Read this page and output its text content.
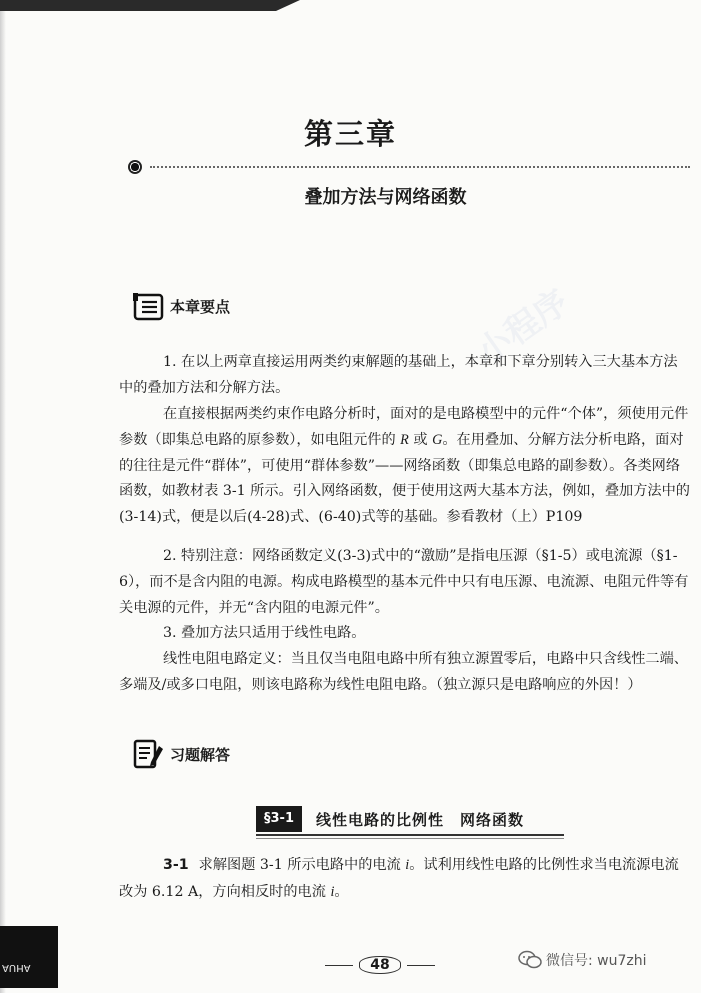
小程序
第三章
叠加方法与网络函数
本章要点

1. 在以上两章直接运用两类约束解题的基础上，本章和下章分别转入三大基本方法中的叠加方法和分解方法。

在直接根据两类约束作电路分析时，面对的是电路模型中的元件“个体”，须使用元件参数（即集总电路的原参数），如电阻元件的 R 或 G。在用叠加、分解方法分析电路，面对的往往是元件“群体”，可使用“群体参数”——网络函数（即集总电路的副参数）。各类网络函数，如教材表 3-1 所示。引入网络函数，便于使用这两大基本方法，例如，叠加方法中的(3-14)式，便是以后(4-28)式、(6-40)式等的基础。参看教材（上）P109

2. 特别注意：网络函数定义(3-3)式中的“激励”是指电压源（§1-5）或电流源（§1-6），而不是含内阻的电源。构成电路模型的基本元件中只有电压源、电流源、电阻元件等有关电源的元件，并无“含内阻的电源元件”。

3. 叠加方法只适用于线性电路。

线性电阻电路定义：当且仅当电阻电路中所有独立源置零后，电路中只含线性二端、多端及/或多口电阻，则该电路称为线性电阻电路。（独立源只是电路响应的外因！）

习题解答
§3-1	线性电路的比例性　网络函数

3-1 求解图题 3-1 所示电路中的电流 i。试利用线性电路的比例性求当电流源电流改为 6.12 A，方向相反时的电流 i。

AHUA	48	微信号: wu7zhi
